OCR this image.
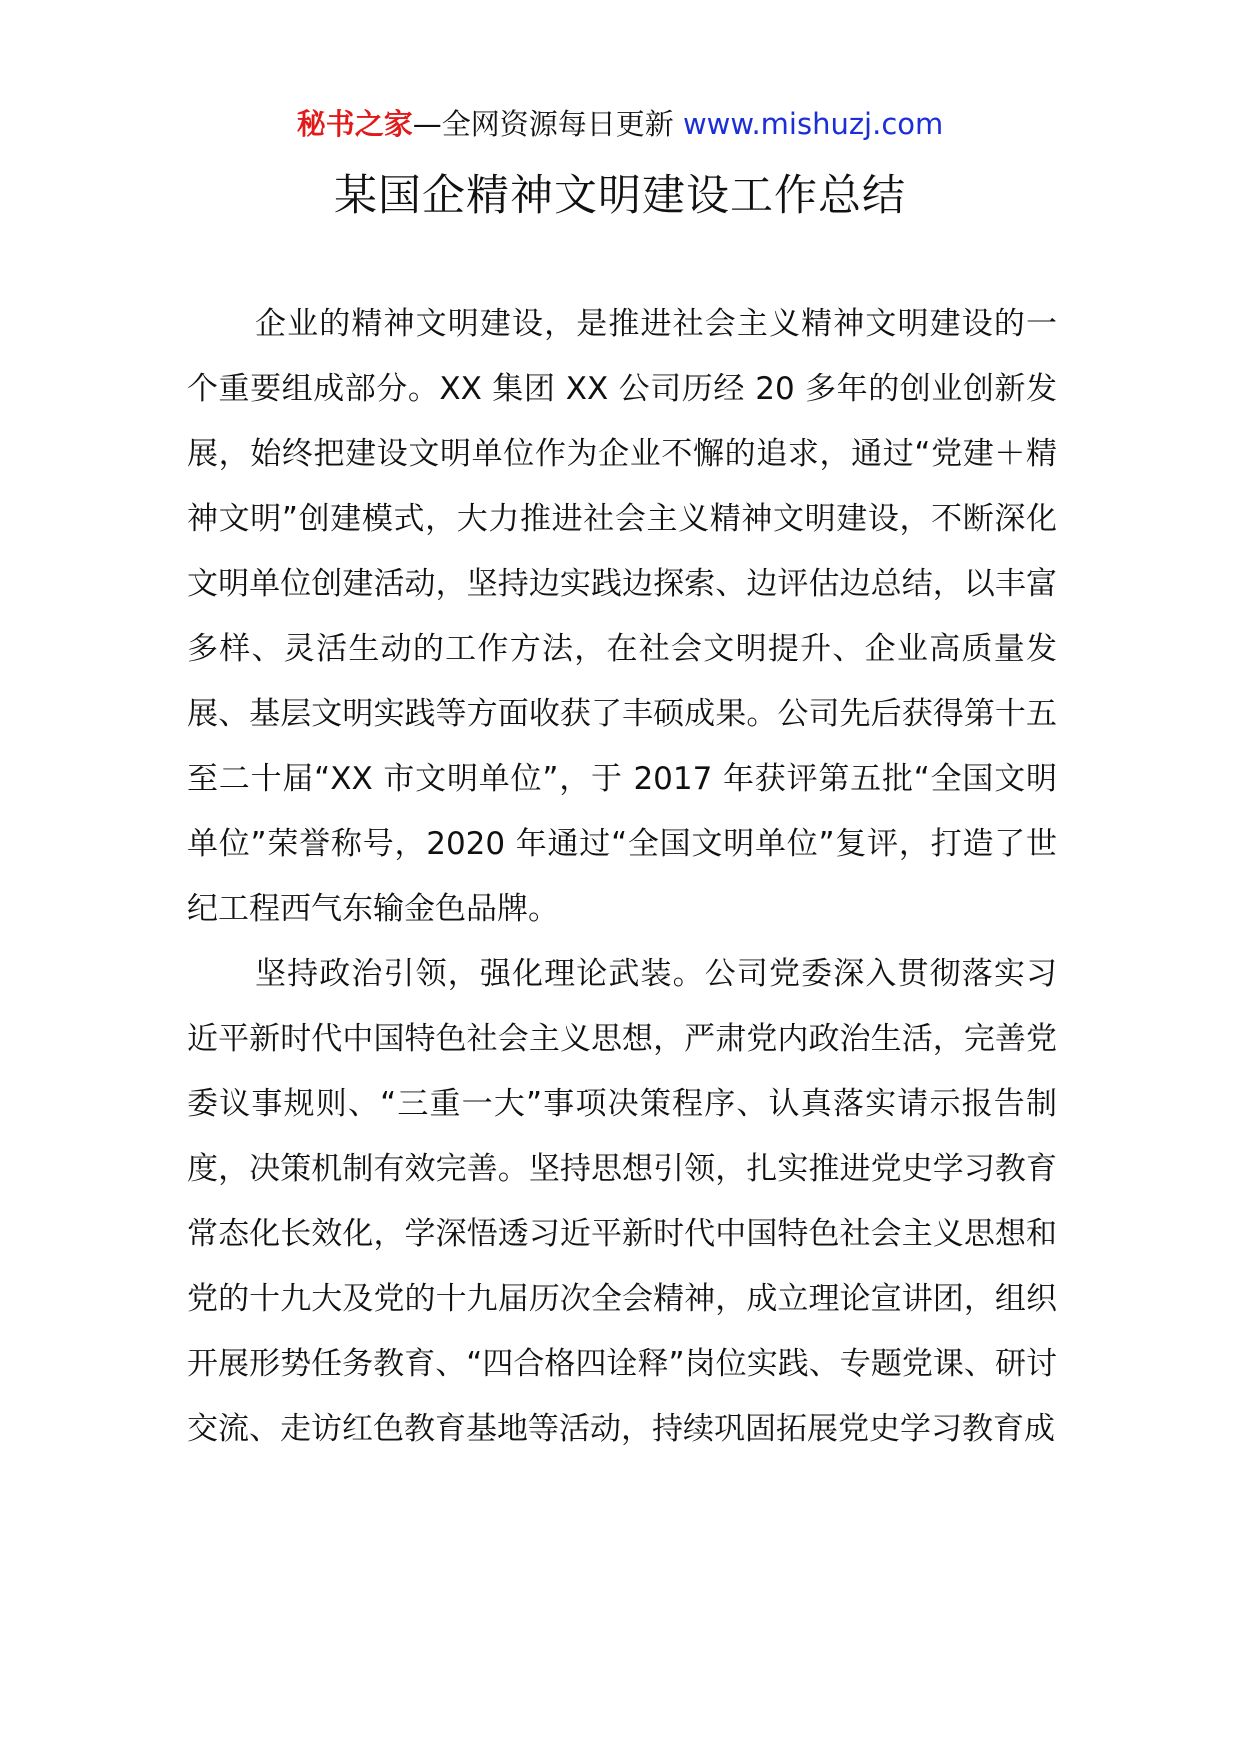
秘书之家—全网资源每日更新 www.mishuzj.com
某国企精神文明建设工作总结

企业的精神文明建设，是推进社会主义精神文明建设的一个重要组成部分。XX 集团 XX 公司历经 20 多年的创业创新发展，始终把建设文明单位作为企业不懈的追求，通过“党建＋精神文明”创建模式，大力推进社会主义精神文明建设，不断深化文明单位创建活动，坚持边实践边探索、边评估边总结，以丰富多样、灵活生动的工作方法，在社会文明提升、企业高质量发展、基层文明实践等方面收获了丰硕成果。公司先后获得第十五至二十届“XX 市文明单位”，于 2017 年获评第五批“全国文明单位”荣誉称号，2020 年通过“全国文明单位”复评，打造了世纪工程西气东输金色品牌。

坚持政治引领，强化理论武装。公司党委深入贯彻落实习近平新时代中国特色社会主义思想，严肃党内政治生活，完善党委议事规则、“三重一大”事项决策程序、认真落实请示报告制度，决策机制有效完善。坚持思想引领，扎实推进党史学习教育常态化长效化，学深悟透习近平新时代中国特色社会主义思想和党的十九大及党的十九届历次全会精神，成立理论宣讲团，组织开展形势任务教育、“四合格四诠释”岗位实践、专题党课、研讨交流、走访红色教育基地等活动，持续巩固拓展党史学习教育成
